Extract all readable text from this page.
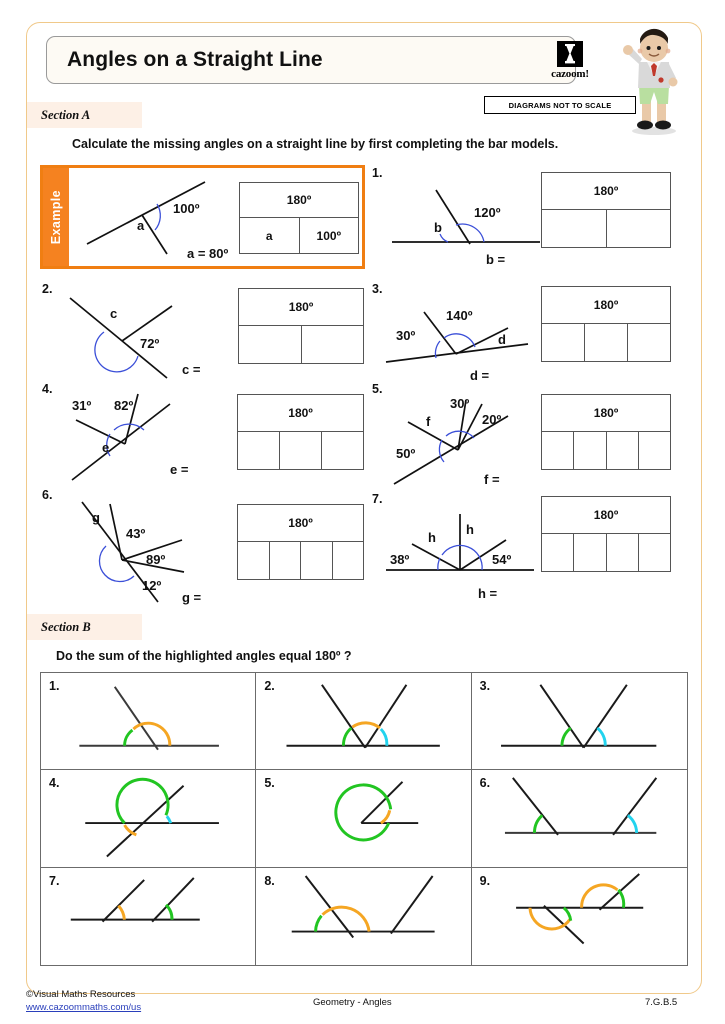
Angles on a Straight Line
cazoom!
DIAGRAMS NOT TO SCALE
Section A
Calculate the missing angles on a straight line by first completing the bar models.
Example	100º
a
a = 80º
180º
a	100º
1.
120º
b
b =
180º
2.
c
72º
c =
180º
3.
30º
140º
d
d =
180º
4.
31º 82º
e
e =
180º
5.
50º
f
30º
20º
f =
180º
6.
g
43º
89º
12º
g =
180º
7.
38º
h
h
54º
h =
180º
Section B
Do the sum of the highlighted angles equal 180º ?
1.	2.	3.
4.	5.	6.
7.	8.	9.
©Visual Maths Resources
www.cazoommaths.com/us	Geometry - Angles	7.G.B.5
